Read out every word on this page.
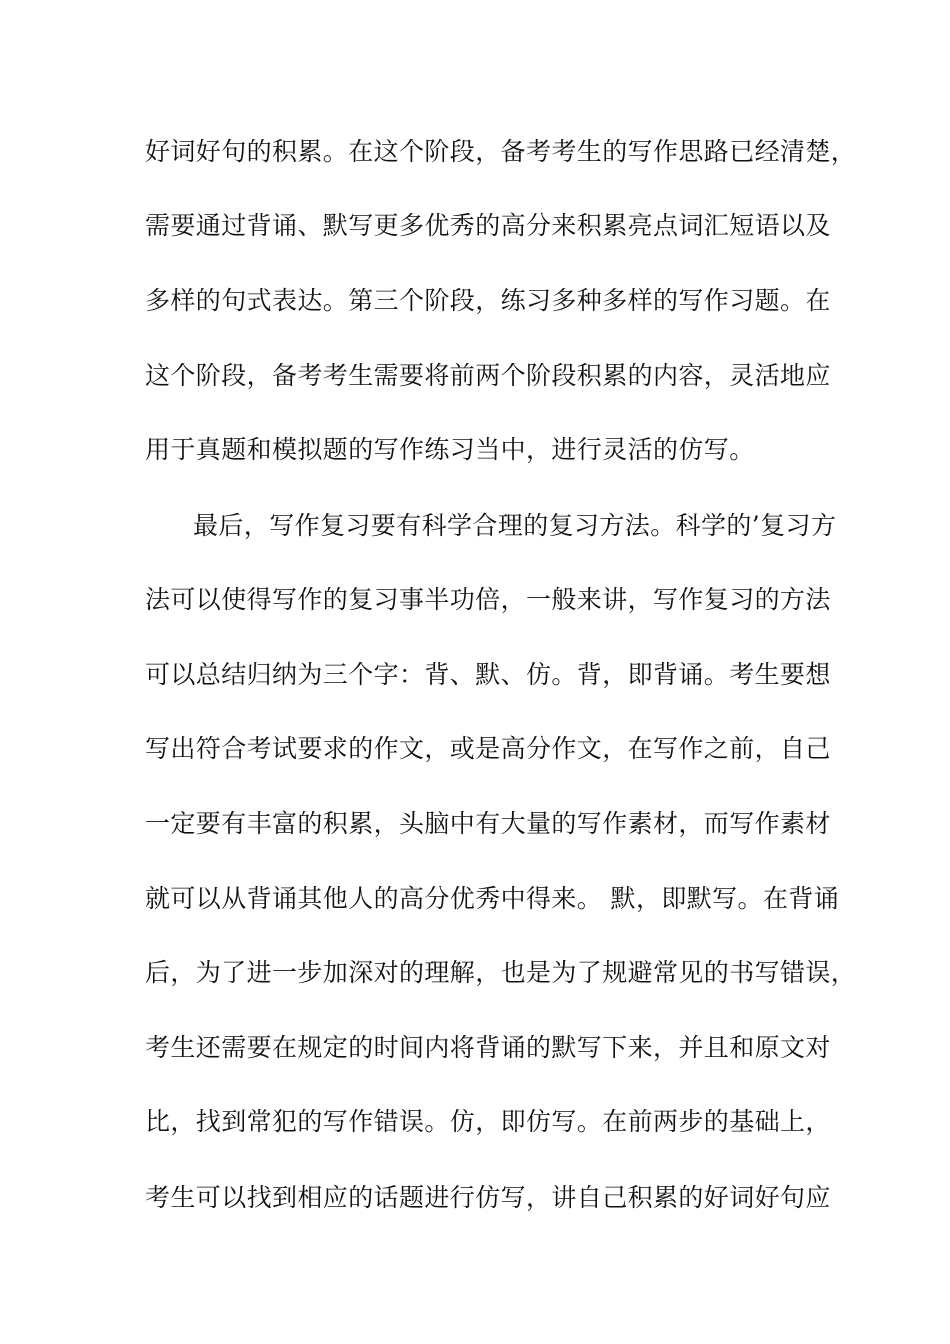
好词好句的积累。在这个阶段，备考考生的写作思路已经清楚，
需要通过背诵、默写更多优秀的高分来积累亮点词汇短语以及
多样的句式表达。第三个阶段，练习多种多样的写作习题。在
这个阶段，备考考生需要将前两个阶段积累的内容，灵活地应
用于真题和模拟题的写作练习当中，进行灵活的仿写。
最后，写作复习要有科学合理的复习方法。科学的’复习方
法可以使得写作的复习事半功倍，一般来讲，写作复习的方法
可以总结归纳为三个字：背、默、仿。背，即背诵。考生要想
写出符合考试要求的作文，或是高分作文，在写作之前，自己
一定要有丰富的积累，头脑中有大量的写作素材，而写作素材
就可以从背诵其他人的高分优秀中得来。 默，即默写。在背诵
后，为了进一步加深对的理解，也是为了规避常见的书写错误，
考生还需要在规定的时间内将背诵的默写下来，并且和原文对
比，找到常犯的写作错误。仿，即仿写。在前两步的基础上，
考生可以找到相应的话题进行仿写，讲自己积累的好词好句应
